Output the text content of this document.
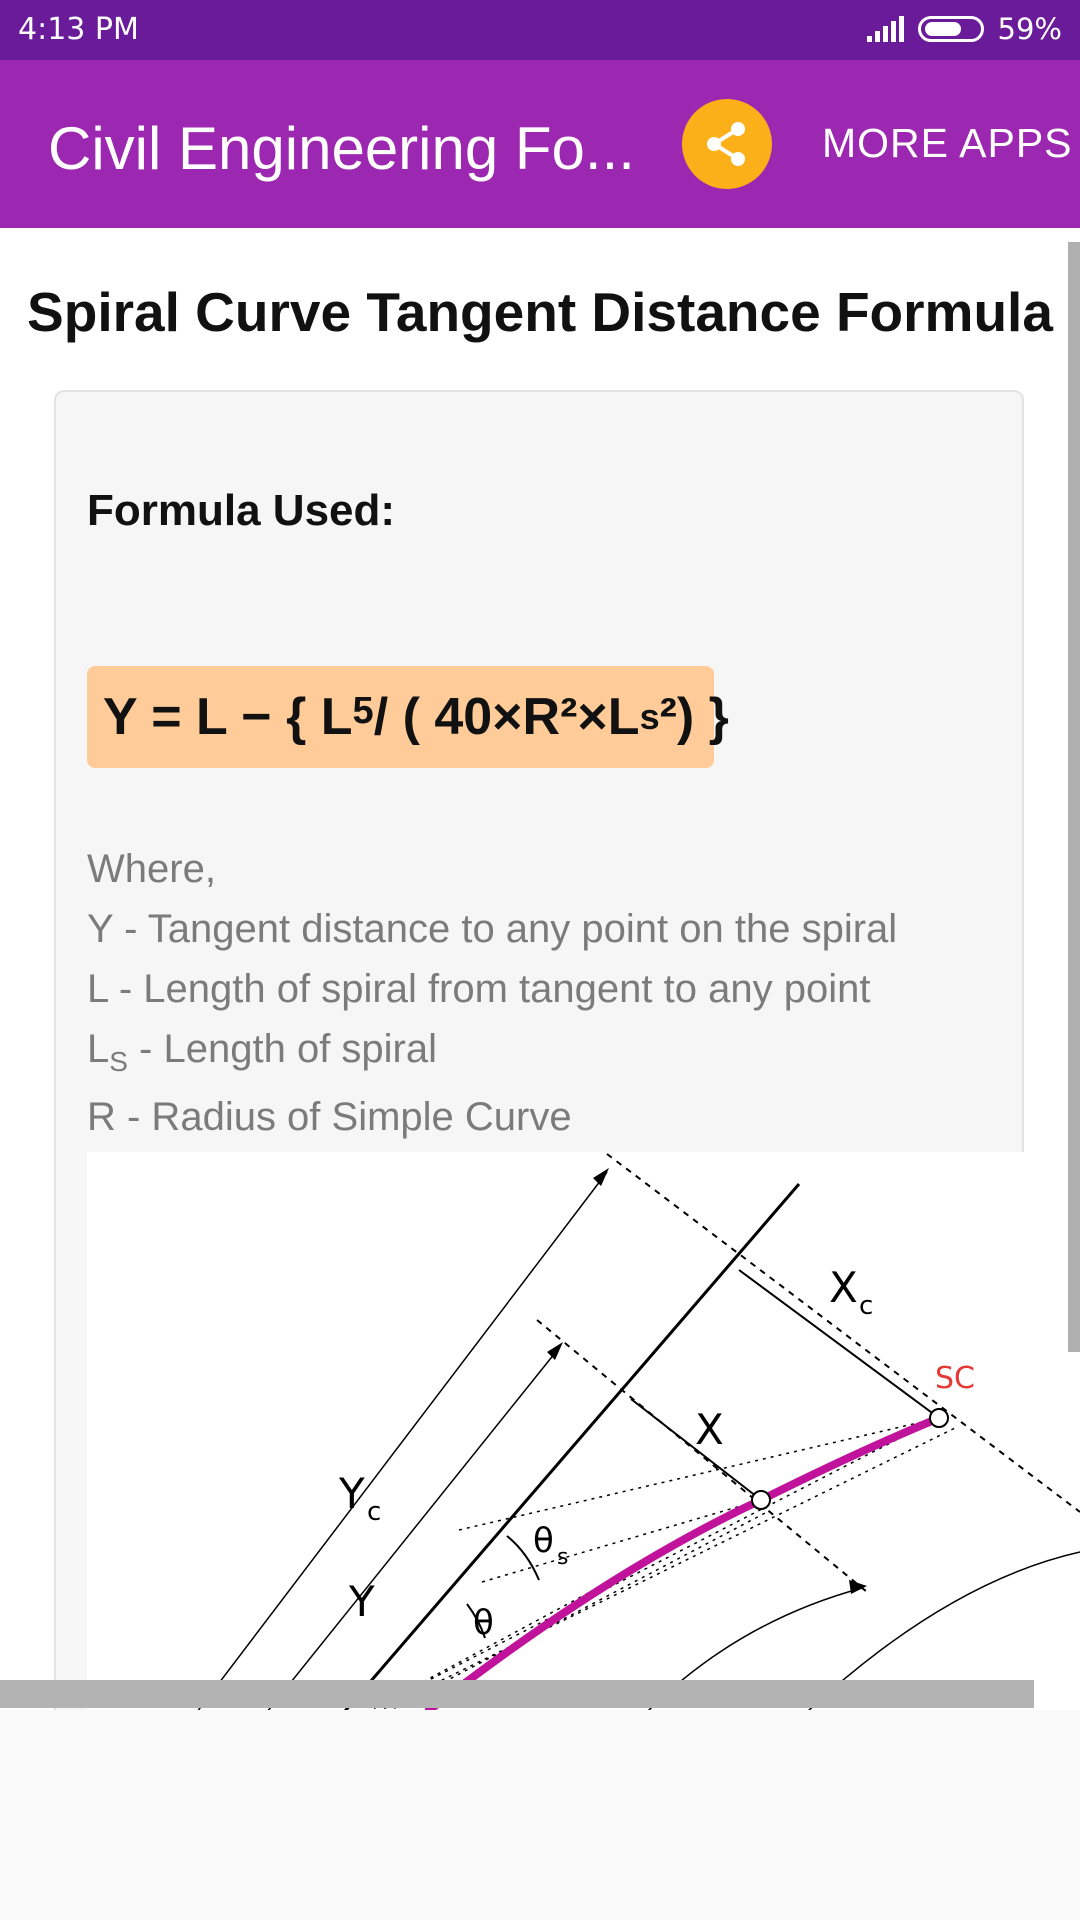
4:13 PM	59%
Civil Engineering Fo...	MORE APPS
Spiral Curve Tangent Distance Formula
Formula Used:
Y = L − { $L^5$ / ( 40×R²×L s ²) }
Where,
Y - Tangent distance to any point on the spiral
L - Length of spiral from tangent to any point
$L_S$ - Length of spiral
R - Radius of Simple Curve
X c
SC
X
Y c
Y
θ s
θ
